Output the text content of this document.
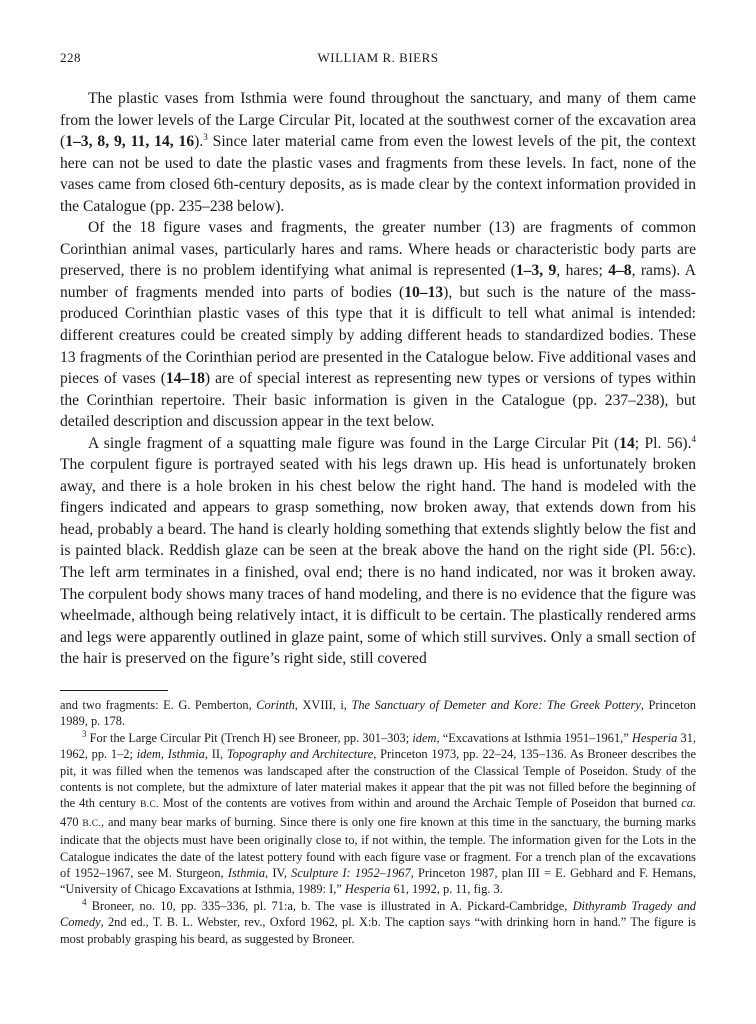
228	WILLIAM R. BIERS

The plastic vases from Isthmia were found throughout the sanctuary, and many of them came from the lower levels of the Large Circular Pit, located at the southwest corner of the excavation area (1–3, 8, 9, 11, 14, 16).$^3$ Since later material came from even the lowest levels of the pit, the context here can not be used to date the plastic vases and fragments from these levels. In fact, none of the vases came from closed 6th-century deposits, as is made clear by the context information provided in the Catalogue (pp. 235–238 below).

Of the 18 figure vases and fragments, the greater number (13) are fragments of common Corinthian animal vases, particularly hares and rams. Where heads or characteristic body parts are preserved, there is no problem identifying what animal is represented (1–3, 9, hares; 4–8, rams). A number of fragments mended into parts of bodies (10–13), but such is the nature of the mass-produced Corinthian plastic vases of this type that it is difficult to tell what animal is intended: different creatures could be created simply by adding different heads to standardized bodies. These 13 fragments of the Corinthian period are presented in the Catalogue below. Five additional vases and pieces of vases (14–18) are of special interest as representing new types or versions of types within the Corinthian repertoire. Their basic information is given in the Catalogue (pp. 237–238), but detailed description and discussion appear in the text below.

A single fragment of a squatting male figure was found in the Large Circular Pit (14; Pl. 56).$^4$ The corpulent figure is portrayed seated with his legs drawn up. His head is unfortunately broken away, and there is a hole broken in his chest below the right hand. The hand is modeled with the fingers indicated and appears to grasp something, now broken away, that extends down from his head, probably a beard. The hand is clearly holding something that extends slightly below the fist and is painted black. Reddish glaze can be seen at the break above the hand on the right side (Pl. 56:c). The left arm terminates in a finished, oval end; there is no hand indicated, nor was it broken away. The corpulent body shows many traces of hand modeling, and there is no evidence that the figure was wheelmade, although being relatively intact, it is difficult to be certain. The plastically rendered arms and legs were apparently outlined in glaze paint, some of which still survives. Only a small section of the hair is preserved on the figure’s right side, still covered

and two fragments: E. G. Pemberton, Corinth, XVIII, i, The Sanctuary of Demeter and Kore: The Greek Pottery, Princeton 1989, p. 178.

$^3$ For the Large Circular Pit (Trench H) see Broneer, pp. 301–303; idem, “Excavations at Isthmia 1951–1961,” Hesperia 31, 1962, pp. 1–2; idem, Isthmia, II, Topography and Architecture, Princeton 1973, pp. 22–24, 135–136. As Broneer describes the pit, it was filled when the temenos was landscaped after the construction of the Classical Temple of Poseidon. Study of the contents is not complete, but the admixture of later material makes it appear that the pit was not filled before the beginning of the 4th century B.C. Most of the contents are votives from within and around the Archaic Temple of Poseidon that burned ca. 470 B.C., and many bear marks of burning. Since there is only one fire known at this time in the sanctuary, the burning marks indicate that the objects must have been originally close to, if not within, the temple. The information given for the Lots in the Catalogue indicates the date of the latest pottery found with each figure vase or fragment. For a trench plan of the excavations of 1952–1967, see M. Sturgeon, Isthmia, IV, Sculpture I: 1952–1967, Princeton 1987, plan III = E. Gebhard and F. Hemans, “University of Chicago Excavations at Isthmia, 1989: I,” Hesperia 61, 1992, p. 11, fig. 3.

$^4$ Broneer, no. 10, pp. 335–336, pl. 71:a, b. The vase is illustrated in A. Pickard-Cambridge, Dithyramb Tragedy and Comedy, 2nd ed., T. B. L. Webster, rev., Oxford 1962, pl. X:b. The caption says “with drinking horn in hand.” The figure is most probably grasping his beard, as suggested by Broneer.
